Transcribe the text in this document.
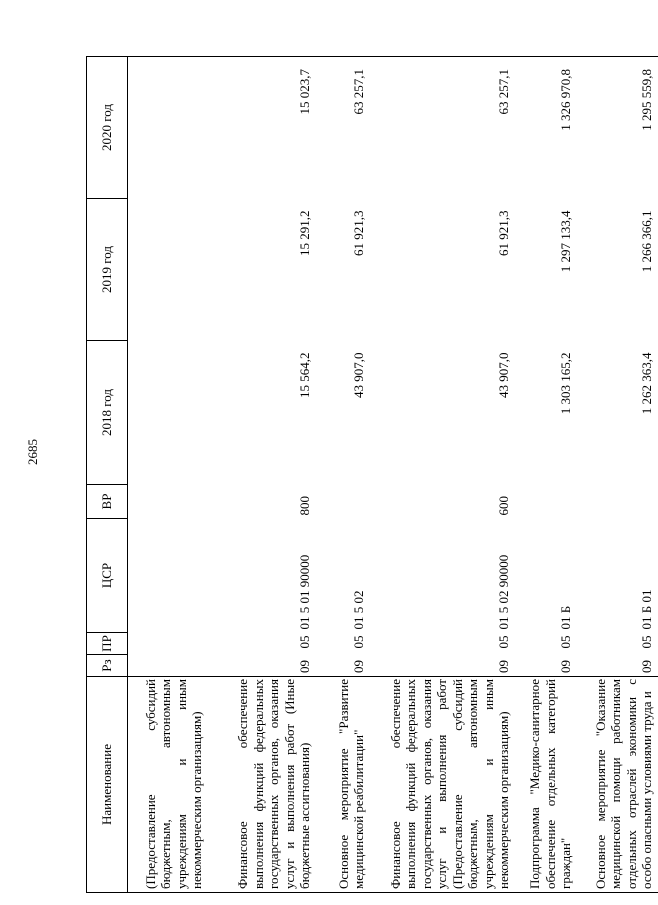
2685
Наименование	Рз	ПР	ЦСР	ВР	2018 год	2019 год	2020 год
(Предоставление субсидий бюджетным, автономным учреждениям и иным некоммерческим организациям)							
Финансовое обеспечение выполнения функций федеральных государственных органов, оказания услуг и выполнения работ (Иные бюджетные ассигнования)	09	05	01 5 01 90000	800	15 564,2	15 291,2	15 023,7
Основное мероприятие "Развитие медицинской реабилитации"	09	05	01 5 02		43 907,0	61 921,3	63 257,1
Финансовое обеспечение выполнения функций федеральных государственных органов, оказания услуг и выполнения работ (Предоставление субсидий бюджетным, автономным учреждениям и иным некоммерческим организациям)	09	05	01 5 02 90000	600	43 907,0	61 921,3	63 257,1
Подпрограмма "Медико-санитарное обеспечение отдельных категорий граждан"	09	05	01 Б		1 303 165,2	1 297 133,4	1 326 970,8
Основное мероприятие "Оказание медицинской помощи работникам отдельных отраслей экономики с особо опасными условиями труда и	09	05	01 Б 01		1 262 363,4	1 266 366,1	1 295 559,8
